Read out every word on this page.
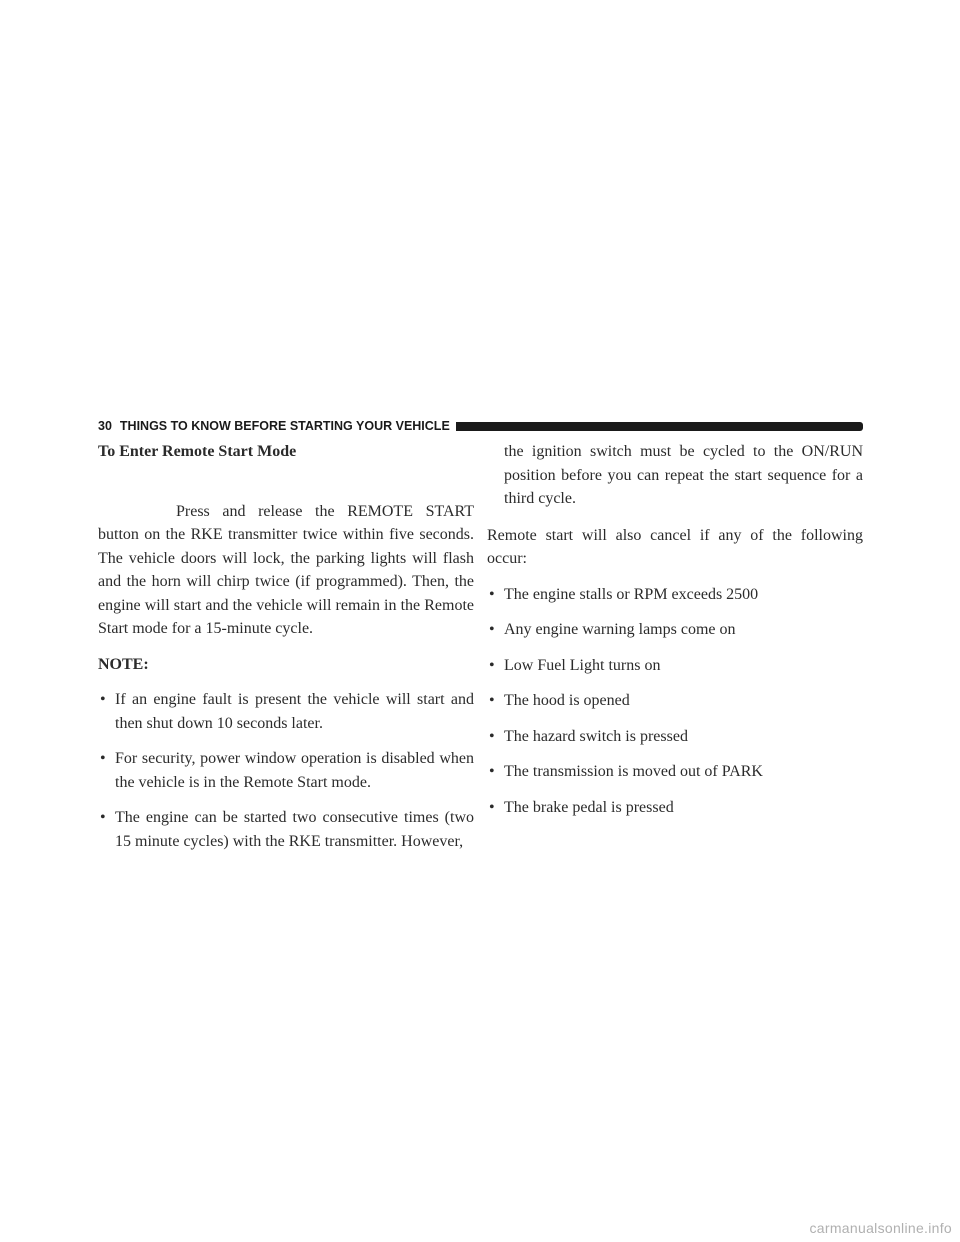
30 THINGS TO KNOW BEFORE STARTING YOUR VEHICLE

To Enter Remote Start Mode

Press and release the REMOTE START button on the RKE transmitter twice within five seconds. The vehicle doors will lock, the parking lights will flash and the horn will chirp twice (if programmed). Then, the engine will start and the vehicle will remain in the Remote Start mode for a 15-minute cycle.

NOTE:

• If an engine fault is present the vehicle will start and then shut down 10 seconds later.
• For security, power window operation is disabled when the vehicle is in the Remote Start mode.
• The engine can be started two consecutive times (two 15 minute cycles) with the RKE transmitter. However,

the ignition switch must be cycled to the ON/RUN position before you can repeat the start sequence for a third cycle.

Remote start will also cancel if any of the following occur:

• The engine stalls or RPM exceeds 2500
• Any engine warning lamps come on
• Low Fuel Light turns on
• The hood is opened
• The hazard switch is pressed
• The transmission is moved out of PARK
• The brake pedal is pressed
carmanualsonline.info
